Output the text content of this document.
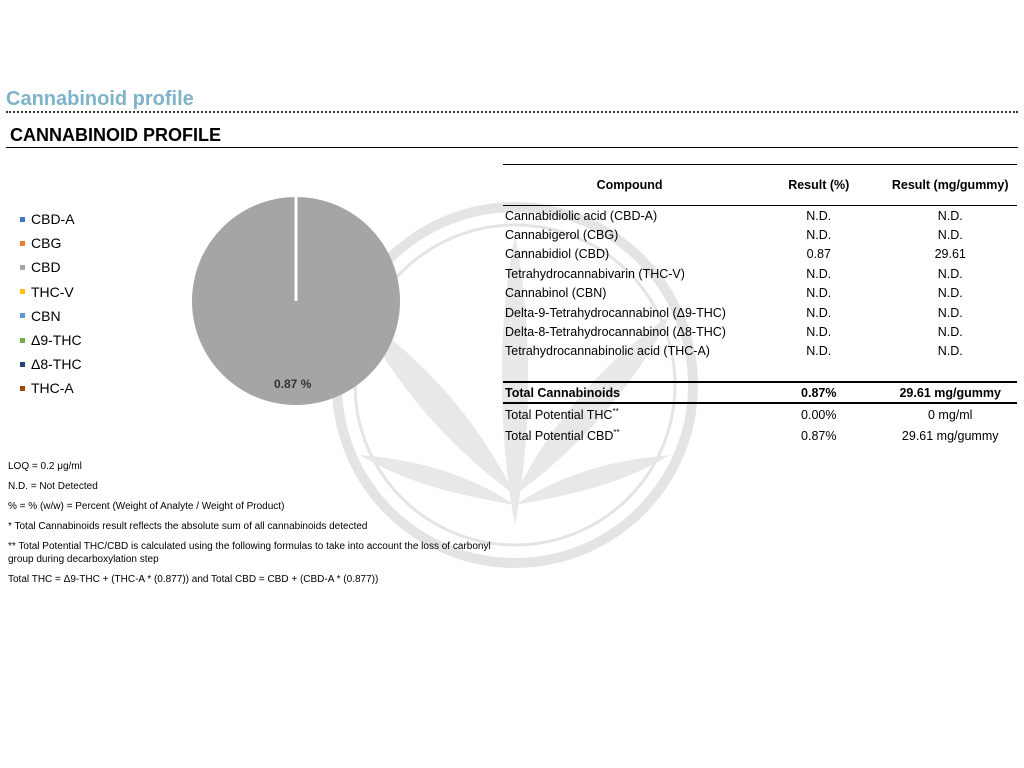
Cannabinoid profile
CANNABINOID PROFILE
CBD-A
CBG
CBD
THC-V
CBN
Δ9-THC
Δ8-THC
THC-A	0.87 %
Compound	Result (%)	Result (mg/gummy)
Cannabidiolic acid (CBD-A)	N.D.	N.D.
Cannabigerol (CBG)	N.D.	N.D.
Cannabidiol (CBD)	0.87	29.61
Tetrahydrocannabivarin (THC-V)	N.D.	N.D.
Cannabinol (CBN)	N.D.	N.D.
Delta-9-Tetrahydrocannabinol (Δ9-THC)	N.D.	N.D.
Delta-8-Tetrahydrocannabinol (Δ8-THC)	N.D.	N.D.
Tetrahydrocannabinolic acid (THC-A)	N.D.	N.D.

Total Cannabinoids	0.87%	29.61 mg/gummy
Total Potential THC**	0.00%	0 mg/ml
Total Potential CBD**	0.87%	29.61 mg/gummy

LOQ = 0.2 μg/ml

N.D. = Not Detected

% = % (w/w) = Percent (Weight of Analyte / Weight of Product)

* Total Cannabinoids result reflects the absolute sum of all cannabinoids detected

** Total Potential THC/CBD is calculated using the following formulas to take into account the loss of carbonyl group during decarboxylation step

Total THC = Δ9-THC + (THC-A * (0.877)) and Total CBD = CBD + (CBD-A * (0.877))
